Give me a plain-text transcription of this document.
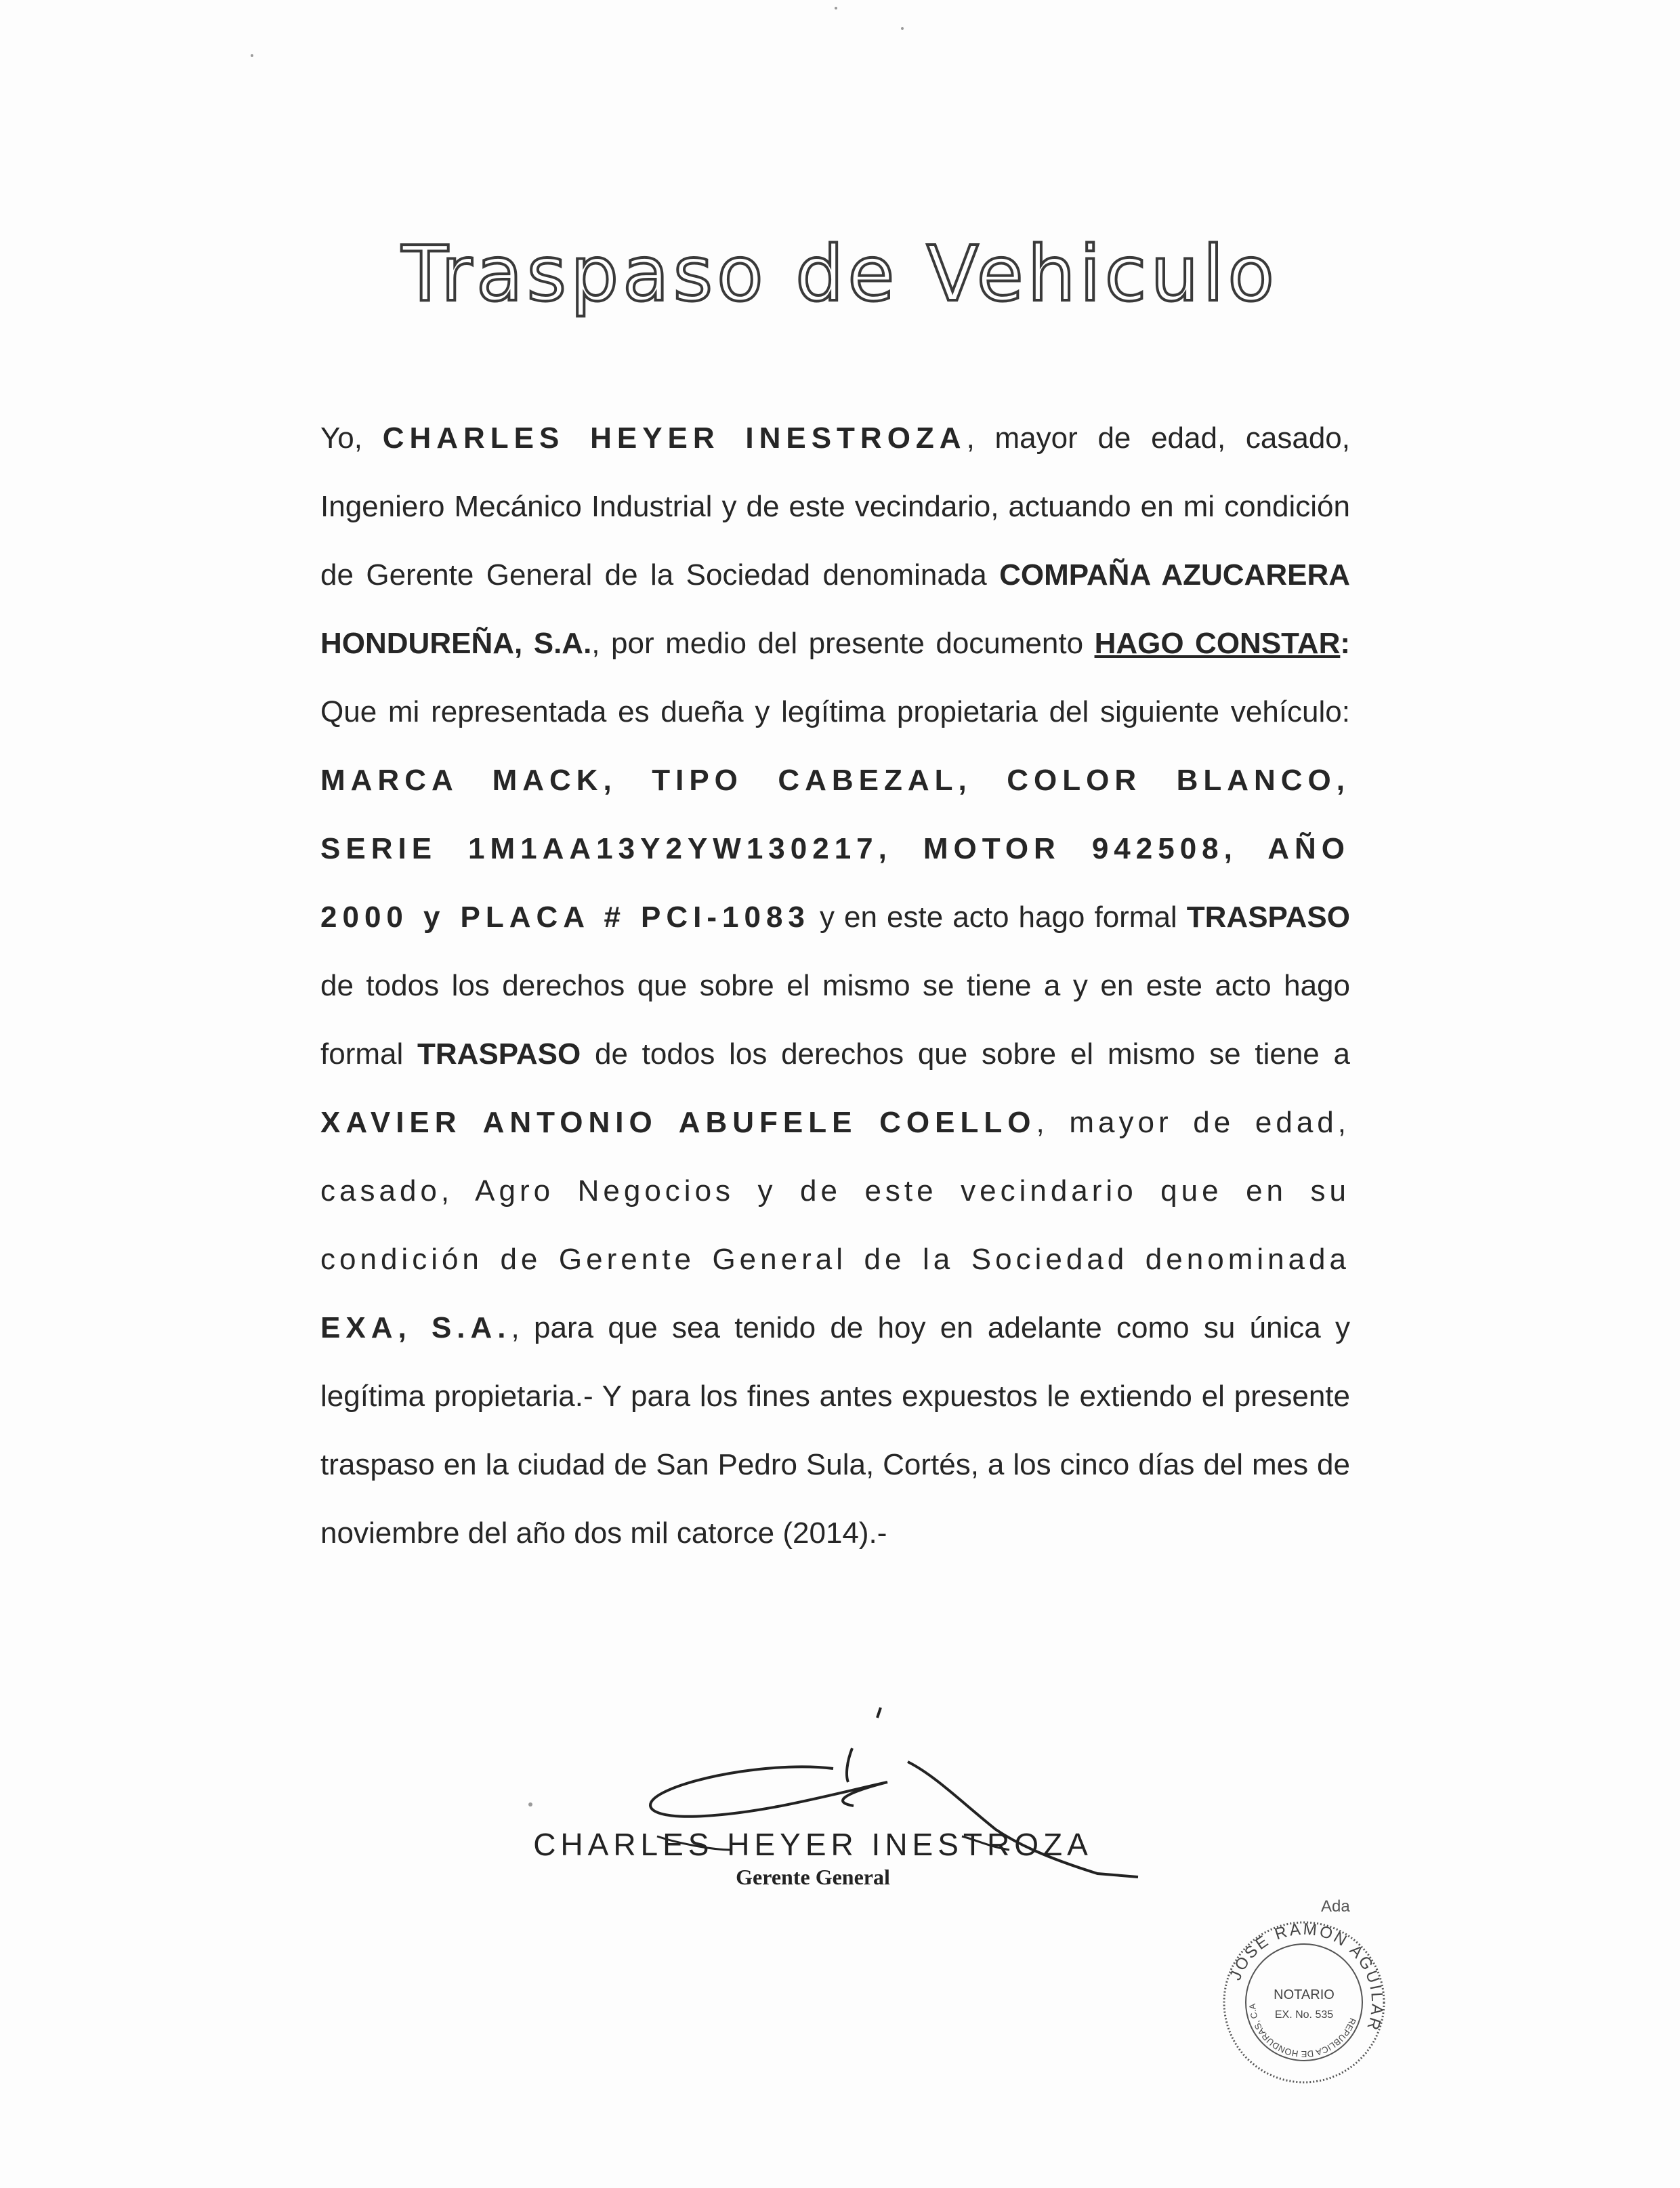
Traspaso de Vehiculo
Yo, CHARLES HEYER INESTROZA, mayor de edad, casado, Ingeniero Mecánico Industrial y de este vecindario, actuando en mi condición de Gerente General de la Sociedad denominada COMPAÑA AZUCARERA HONDUREÑA, S.A., por medio del presente documento HAGO CONSTAR: Que mi representada es dueña y legítima propietaria del siguiente vehículo: MARCA MACK, TIPO CABEZAL, COLOR BLANCO, SERIE 1M1AA13Y2YW130217, MOTOR 942508, AÑO 2000 y PLACA # PCI-1083 y en este acto hago formal TRASPASO de todos los derechos que sobre el mismo se tiene a y en este acto hago formal TRASPASO de todos los derechos que sobre el mismo se tiene a XAVIER ANTONIO ABUFELE COELLO, mayor de edad, casado, Agro Negocios y de este vecindario que en su condición de Gerente General de la Sociedad denominada EXA, S.A., para que sea tenido de hoy en adelante como su única y legítima propietaria.- Y para los fines antes expuestos le extiendo el presente traspaso en la ciudad de San Pedro Sula, Cortés, a los cinco días del mes de noviembre del año dos mil catorce (2014).-
CHARLES HEYER INESTROZA
Gerente General
Ada
JOSE RAMON AGUILAR
REPUBLICA DE HONDURAS, C.A
NOTARIO
EX. No. 535
